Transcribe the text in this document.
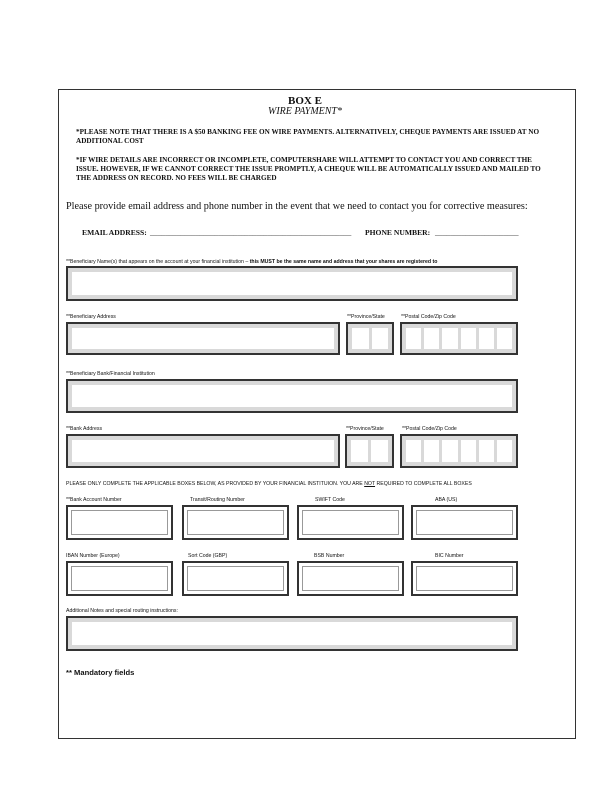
BOX E
WIRE PAYMENT*
*PLEASE NOTE THAT THERE IS A $50 BANKING FEE ON WIRE PAYMENTS. ALTERNATIVELY, CHEQUE PAYMENTS ARE ISSUED AT NO ADDITIONAL COST
*IF WIRE DETAILS ARE INCORRECT OR INCOMPLETE, COMPUTERSHARE WILL ATTEMPT TO CONTACT YOU AND CORRECT THE ISSUE. HOWEVER, IF WE CANNOT CORRECT THE ISSUE PROMPTLY, A CHEQUE WILL BE AUTOMATICALLY ISSUED AND MAILED TO THE ADDRESS ON RECORD. NO FEES WILL BE CHARGED
Please provide email address and phone number in the event that we need to contact you for corrective measures:
EMAIL ADDRESS: _____________________________________________________ PHONE NUMBER: ______________________
**Beneficiary Name(s) that appears on the account at your financial institution – this MUST be the same name and address that your shares are registered to
**Beneficiary Address	**Province/State	**Postal Code/Zip Code
**Beneficiary Bank/Financial Institution
**Bank Address	**Province/State	**Postal Code/Zip Code
PLEASE ONLY COMPLETE THE APPLICABLE BOXES BELOW, AS PROVIDED BY YOUR FINANCIAL INSTITUION. YOU ARE NOT REQUIRED TO COMPLETE ALL BOXES
**Bank Account Number	Transit/Routing Number	SWIFT Code	ABA (US)
IBAN Number (Europe)	Sort Code (GBP)	BSB Number	BIC Number
Additional Notes and special routing instructions:
** Mandatory fields
